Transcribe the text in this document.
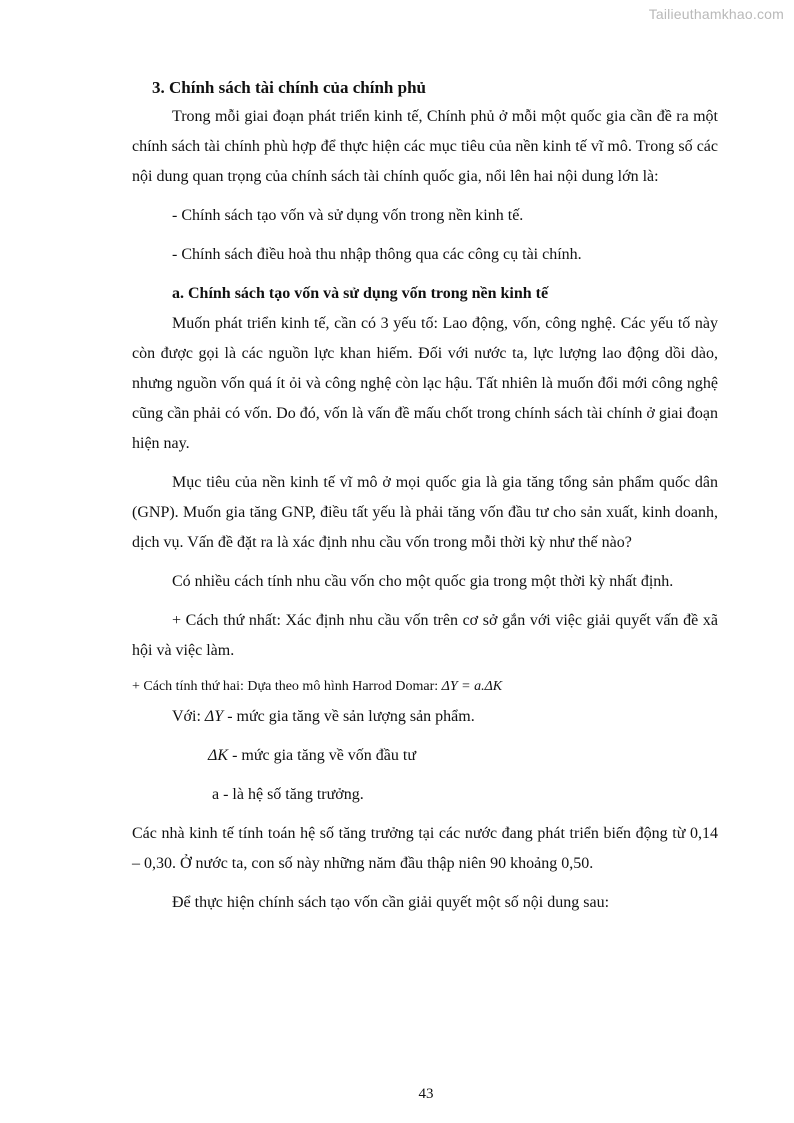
Tailieuthamkhao.com
3. Chính sách tài chính của chính phủ

Trong mỗi giai đoạn phát triển kinh tế, Chính phủ ở mỗi một quốc gia cần đề ra một chính sách tài chính phù hợp để thực hiện các mục tiêu của nền kinh tế vĩ mô. Trong số các nội dung quan trọng của chính sách tài chính quốc gia, nổi lên hai nội dung lớn là:

- Chính sách tạo vốn và sử dụng vốn trong nền kinh tế.

- Chính sách điều hoà thu nhập thông qua các công cụ tài chính.

a. Chính sách tạo vốn và sử dụng vốn trong nền kinh tế

Muốn phát triển kinh tế, cần có 3 yếu tố: Lao động, vốn, công nghệ. Các yếu tố này còn được gọi là các nguồn lực khan hiếm. Đối với nước ta, lực lượng lao động dồi dào, nhưng nguồn vốn quá ít ỏi và công nghệ còn lạc hậu. Tất nhiên là muốn đổi mới công nghệ cũng cần phải có vốn. Do đó, vốn là vấn đề mấu chốt trong chính sách tài chính ở giai đoạn hiện nay.

Mục tiêu của nền kinh tế vĩ mô ở mọi quốc gia là gia tăng tổng sản phẩm quốc dân (GNP). Muốn gia tăng GNP, điều tất yếu là phải tăng vốn đầu tư cho sản xuất, kinh doanh, dịch vụ. Vấn đề đặt ra là xác định nhu cầu vốn trong mỗi thời kỳ như thế nào?

Có nhiều cách tính nhu cầu vốn cho một quốc gia trong một thời kỳ nhất định.

+ Cách thứ nhất: Xác định nhu cầu vốn trên cơ sở gắn với việc giải quyết vấn đề xã hội và việc làm.

+ Cách tính thứ hai: Dựa theo mô hình Harrod Domar: ΔY = a.ΔK

Với: ΔY - mức gia tăng về sản lượng sản phẩm.

ΔK - mức gia tăng về vốn đầu tư

a - là hệ số tăng trưởng.

Các nhà kinh tế tính toán hệ số tăng trưởng tại các nước đang phát triển biến động từ 0,14 – 0,30. Ở nước ta, con số này những năm đầu thập niên 90 khoảng 0,50.

Để thực hiện chính sách tạo vốn cần giải quyết một số nội dung sau:

43
